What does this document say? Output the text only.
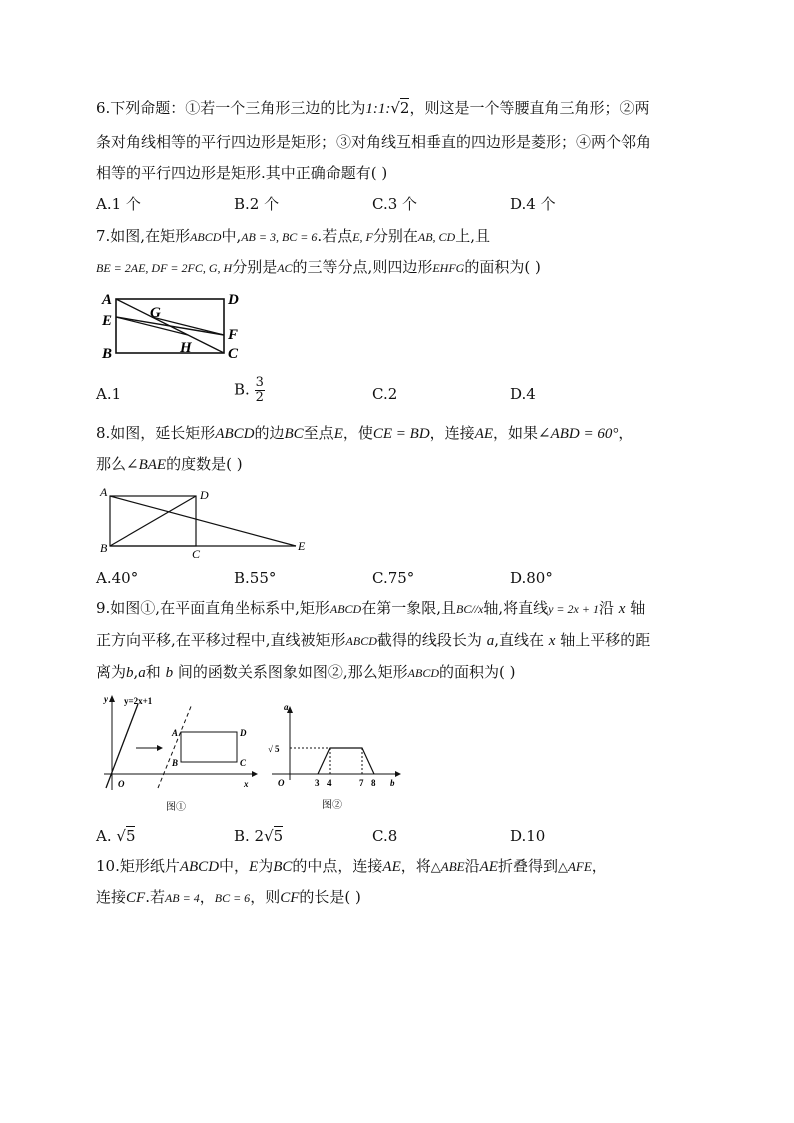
6.下列命题：①若一个三角形三边的比为1:1:√2，则这是一个等腰直角三角形；②两
条对角线相等的平行四边形是矩形；③对角线互相垂直的四边形是菱形；④两个邻角
相等的平行四边形是矩形.其中正确命题有( )
A.1 个	B.2 个	C.3 个	D.4 个
7.如图,在矩形ABCD中,AB = 3, BC = 6.若点E, F分别在AB, CD上,且
BE = 2AE, DF = 2FC, G, H分别是AC的三等分点,则四边形EHFG的面积为( )
A	D
E	G
F
B	H C
A.1	B. $\frac{3}{2}$	C.2	D.4
8.如图，延长矩形ABCD的边BC至点E，使CE = BD，连接AE，如果∠ABD = 60°，
那么∠BAE的度数是( )
A	D
B	C
E
A.40°	B.55°	C.75°	D.80°
9.如图①,在平面直角坐标系中,矩形ABCD在第一象限,且BC//x轴,将直线y = 2x + 1沿 x 轴
正方向平移,在平移过程中,直线被矩形ABCD截得的线段长为 a,直线在 x 轴上平移的距
离为b,a和 b 间的函数关系图象如图②,那么矩形ABCD的面积为( )
y y=2x+1
A	D
B	C
O	x
图①
a
√ 5
O	3 4	7 8 b
图②
A. √5	B. 2√5	C.8	D.10
10.矩形纸片ABCD中，E为BC的中点，连接AE，将△ABE沿AE折叠得到△AFE，
连接CF.若AB = 4，BC = 6，则CF的长是( )
